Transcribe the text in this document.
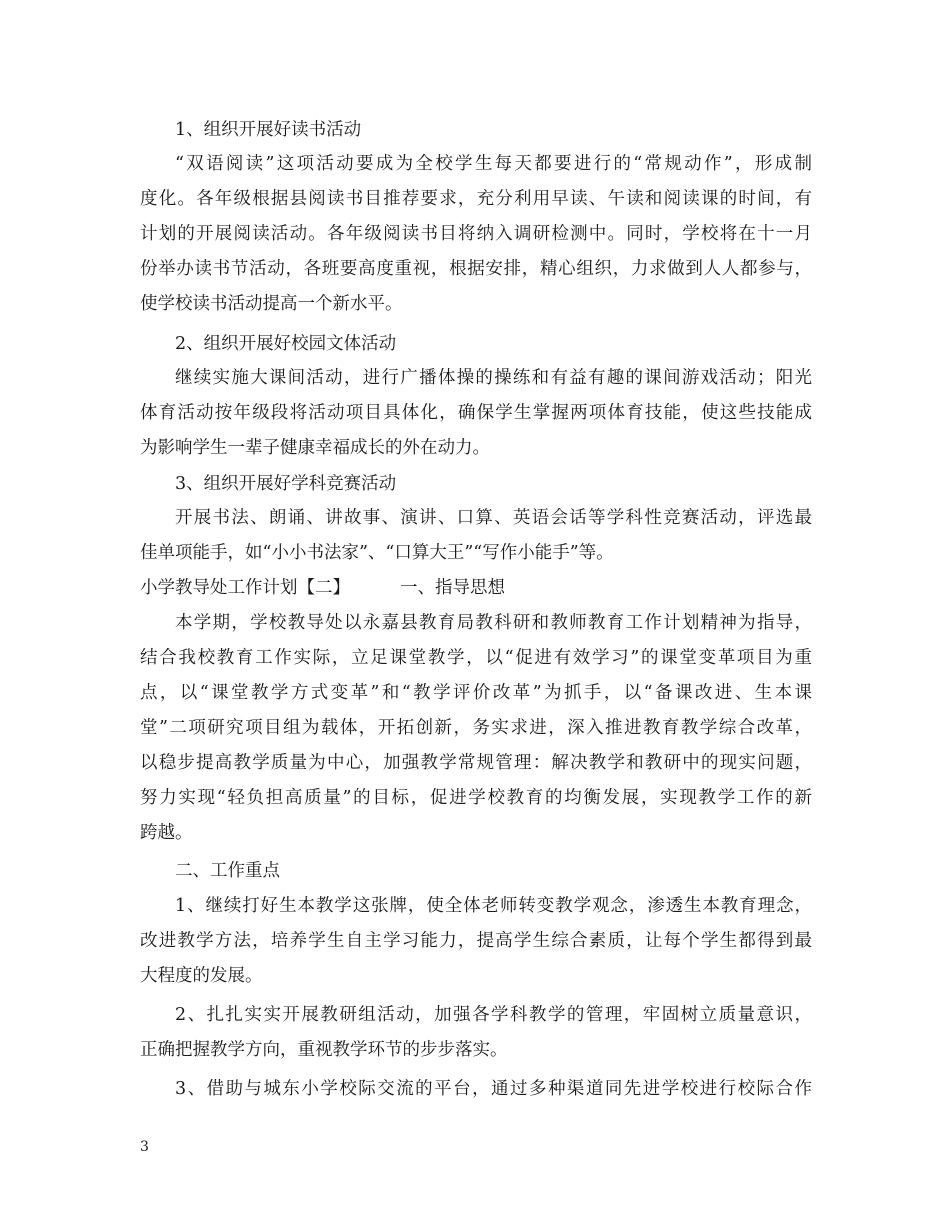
1、组织开展好读书活动
“双语阅读”这项活动要成为全校学生每天都要进行的“常规动作”，形成制
度化。各年级根据县阅读书目推荐要求，充分利用早读、午读和阅读课的时间，有
计划的开展阅读活动。各年级阅读书目将纳入调研检测中。同时，学校将在十一月
份举办读书节活动，各班要高度重视，根据安排，精心组织，力求做到人人都参与，
使学校读书活动提高一个新水平。
2、组织开展好校园文体活动
继续实施大课间活动，进行广播体操的操练和有益有趣的课间游戏活动；阳光
体育活动按年级段将活动项目具体化，确保学生掌握两项体育技能，使这些技能成
为影响学生一辈子健康幸福成长的外在动力。
3、组织开展好学科竞赛活动
开展书法、朗诵、讲故事、演讲、口算、英语会话等学科性竞赛活动，评选最
佳单项能手，如“小小书法家”、“口算大王”“写作小能手”等。
小学教导处工作计划【二】	一、指导思想
本学期，学校教导处以永嘉县教育局教科研和教师教育工作计划精神为指导，
结合我校教育工作实际，立足课堂教学，以“促进有效学习”的课堂变革项目为重
点，以“课堂教学方式变革”和“教学评价改革”为抓手，以“备课改进、生本课
堂”二项研究项目组为载体，开拓创新，务实求进，深入推进教育教学综合改革，
以稳步提高教学质量为中心，加强教学常规管理：解决教学和教研中的现实问题，
努力实现“轻负担高质量”的目标，促进学校教育的均衡发展，实现教学工作的新
跨越。
二、工作重点
1、继续打好生本教学这张牌，使全体老师转变教学观念，渗透生本教育理念，
改进教学方法，培养学生自主学习能力，提高学生综合素质，让每个学生都得到最
大程度的发展。
2、扎扎实实开展教研组活动，加强各学科教学的管理，牢固树立质量意识，
正确把握教学方向，重视教学环节的步步落实。
3、借助与城东小学校际交流的平台，通过多种渠道同先进学校进行校际合作
3
